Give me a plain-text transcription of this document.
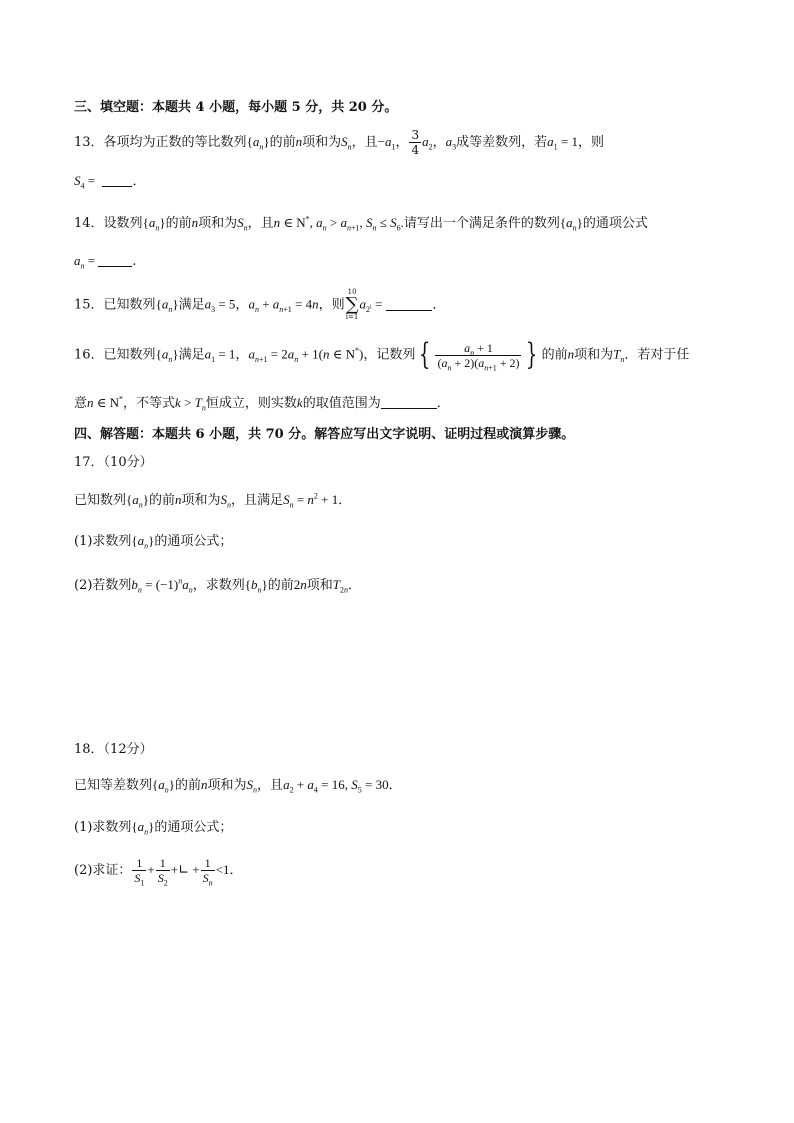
三、填空题：本题共 4 小题，每小题 5 分，共 20 分。
13．各项均为正数的等比数列$\{a_n\}$的前n项和为$S_n$，且$-a_1$， $\frac{3}{4} a_2$，$a_3$成等差数列，若$a_1 = 1$，则
$S_4$ =	．
14．设数列$\{a_n\}$的前n项和为$S_n$，且n ∈ N*, $a_n > a_{n+1}$, $S_n \le S_6$.请写出一个满足条件的数列$\{a_n\}$的通项公式
$a_n$ =	.
15．已知数列$\{a_n\}$满足$a_3 = 5$，$a_n + a_{n+1} = 4n$，则
10
∑
i=1
$a_{2^i}$ =	．
16．已知数列$\{a_n\}$满足$a_1 = 1$，$a_{n+1} = 2a_n + 1(n$ ∈ N*)，记数列 { $\frac{a_n + 1}{(a_n + 2)(a_{n+1} + 2)}$ } 的前n项和为$T_n$．若对于任
意n ∈ N*，不等式$k > T_n$恒成立，则实数k的取值范围为	．
四、解答题：本题共 6 小题，共 70 分。解答应写出文字说明、证明过程或演算步骤。
17．（10分）
已知数列$\{a_n\}$的前n项和为$S_n$，且满足$S_n = n^2 + 1$．
(1)求数列$\{a_n\}$的通项公式；
(2)若数列$b_n = (-1)^na_n$，求数列$\{b_n\}$的前2n项和$T_{2n}$．
18．（12分）
已知等差数列$\{a_n\}$的前n项和为$S_n$，且$a_2 + a_4 = 16$, $S_5 = 30$．
(1)求数列$\{a_n\}$的通项公式；
(2)求证： $\frac{1}{S_1} + \frac{1}{S_2}$ +∟ + $\frac{1}{S_n} <1$．
